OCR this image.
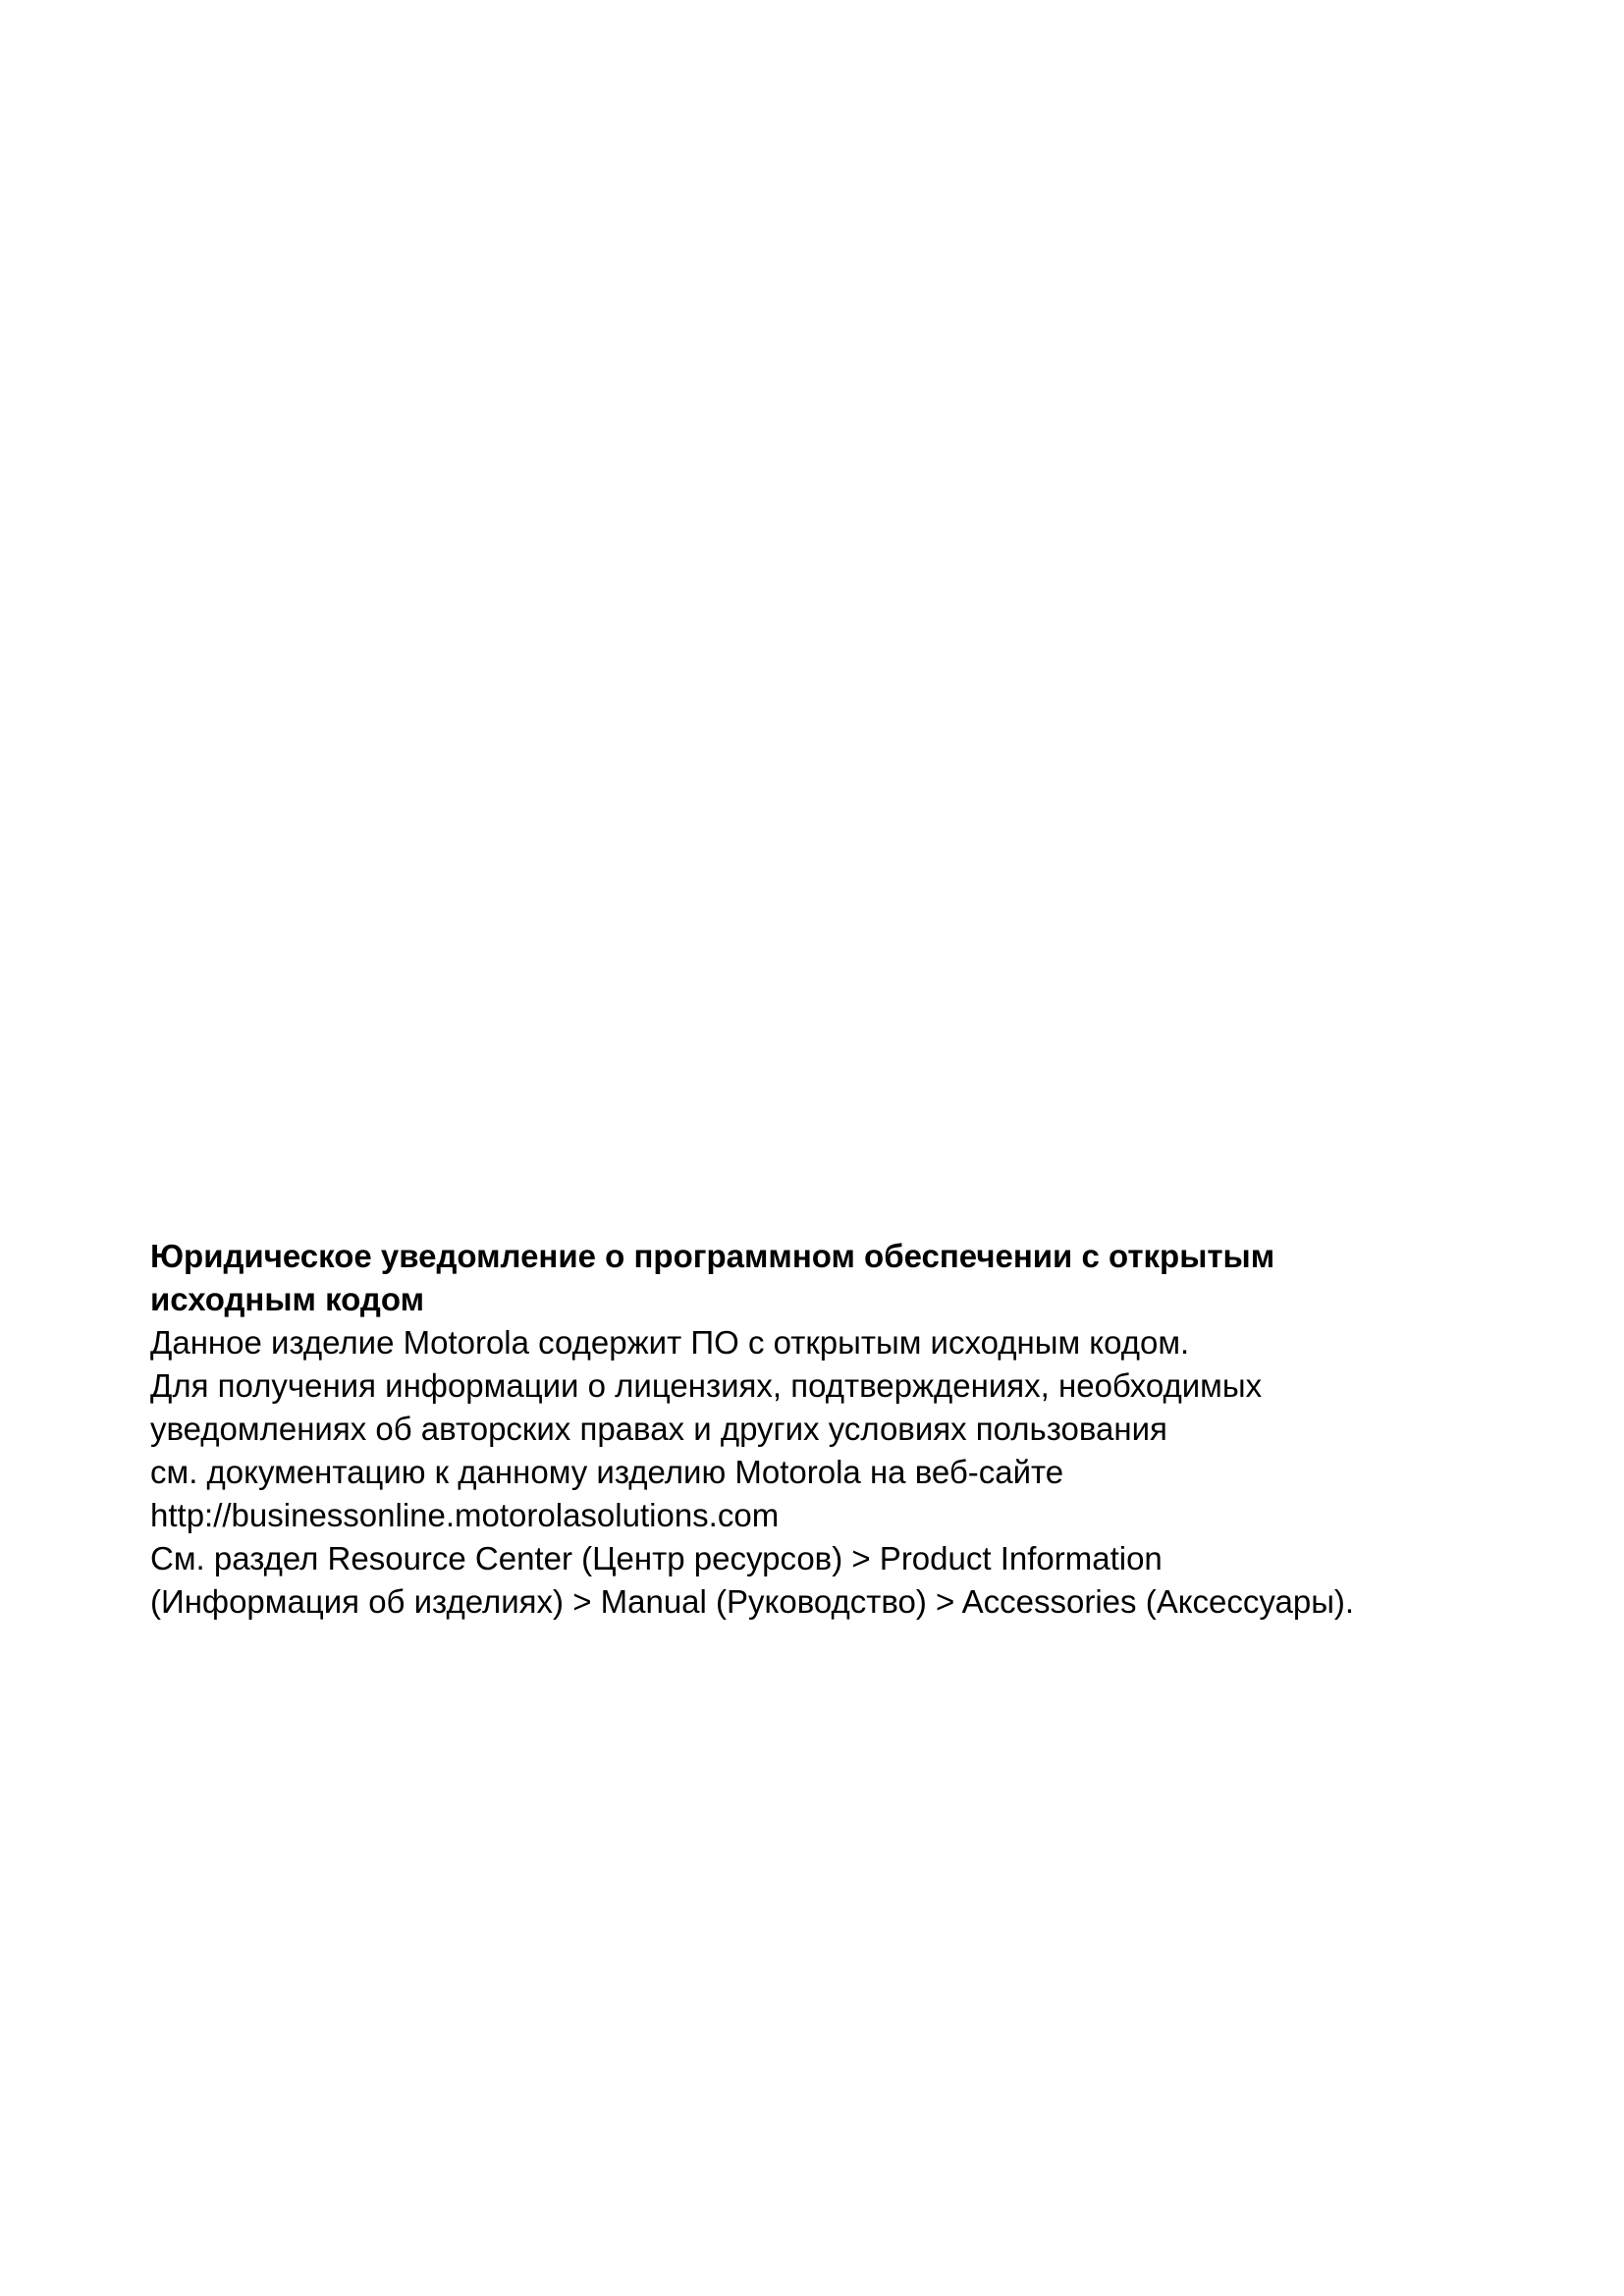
Юридическое уведомление о программном обеспечении с открытым
исходным кодом
Данное изделие Motorola содержит ПО с открытым исходным кодом.
Для получения информации о лицензиях, подтверждениях, необходимых
уведомлениях об авторских правах и других условиях пользования
см. документацию к данному изделию Motorola на веб-сайте
http://businessonline.motorolasolutions.com
См. раздел Resource Center (Центр ресурсов) > Product Information
(Информация об изделиях) > Manual (Руководство) > Accessories (Аксессуары).
